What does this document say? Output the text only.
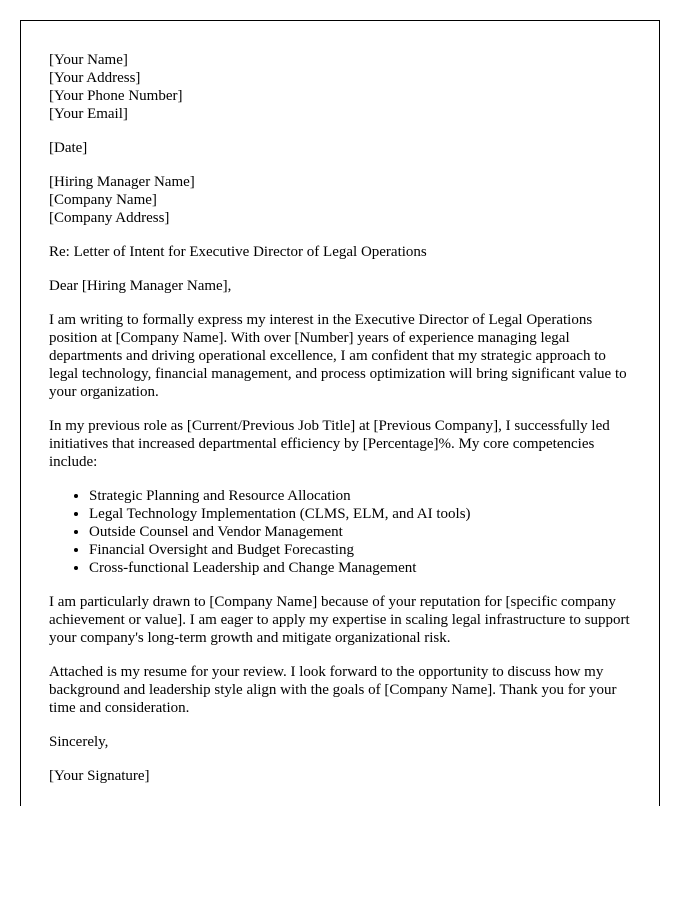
[Your Name]
[Your Address]
[Your Phone Number]
[Your Email]
[Date]
[Hiring Manager Name]
[Company Name]
[Company Address]

Re: Letter of Intent for Executive Director of Legal Operations

Dear [Hiring Manager Name],

I am writing to formally express my interest in the Executive Director of Legal Operations position at [Company Name]. With over [Number] years of experience managing legal departments and driving operational excellence, I am confident that my strategic approach to legal technology, financial management, and process optimization will bring significant value to your organization.

In my previous role as [Current/Previous Job Title] at [Previous Company], I successfully led initiatives that increased departmental efficiency by [Percentage]%. My core competencies include:

• Strategic Planning and Resource Allocation
• Legal Technology Implementation (CLMS, ELM, and AI tools)
• Outside Counsel and Vendor Management
• Financial Oversight and Budget Forecasting
• Cross-functional Leadership and Change Management

I am particularly drawn to [Company Name] because of your reputation for [specific company achievement or value]. I am eager to apply my expertise in scaling legal infrastructure to support your company's long-term growth and mitigate organizational risk.

Attached is my resume for your review. I look forward to the opportunity to discuss how my background and leadership style align with the goals of [Company Name]. Thank you for your time and consideration.

Sincerely,

[Your Signature]
